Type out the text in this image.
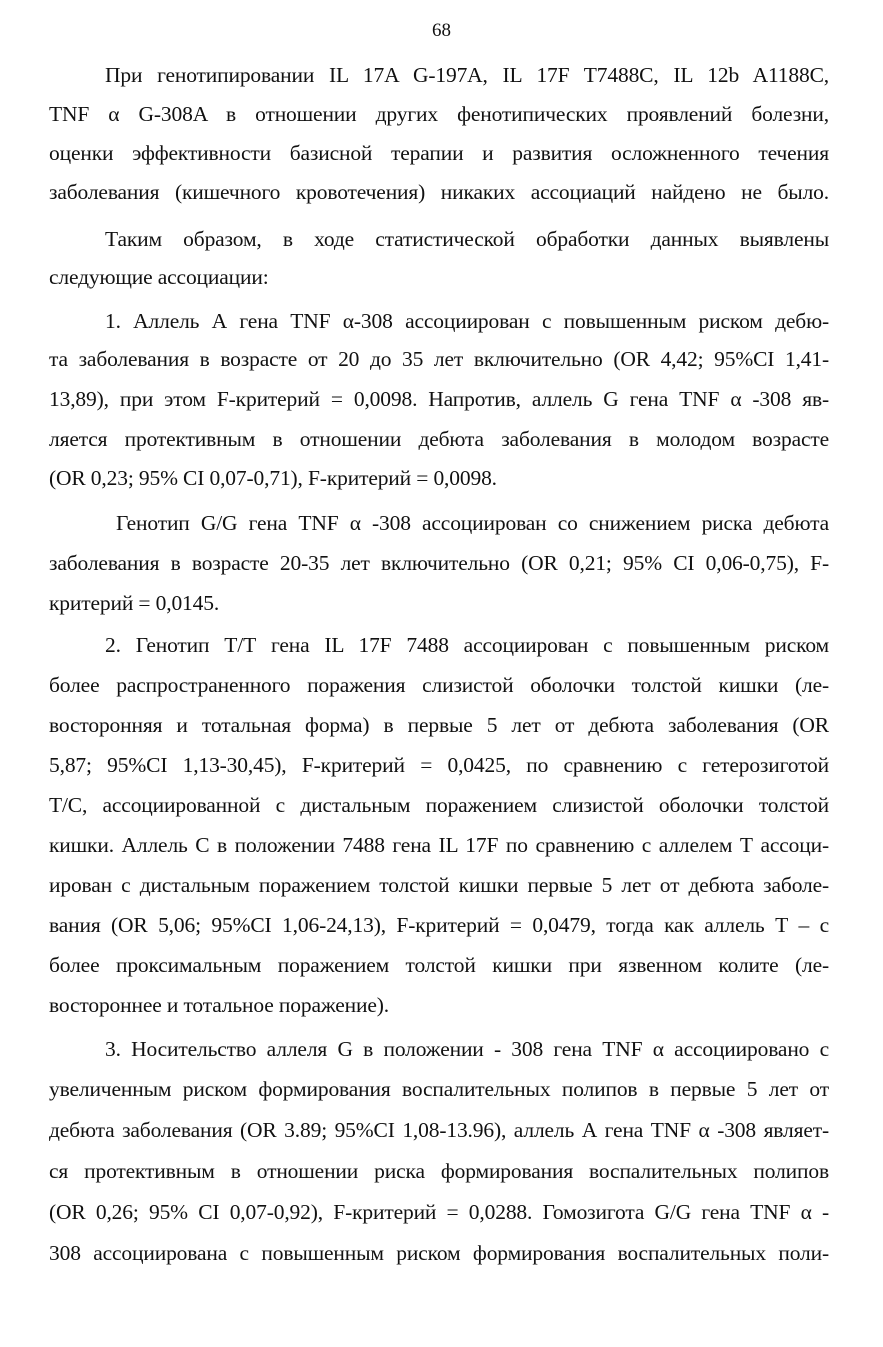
68
При генотипировании IL 17A G-197A, IL 17F T7488C, IL 12b A1188C,
TNF α G-308A в отношении других фенотипических проявлений болезни,
оценки эффективности базисной терапии и развития осложненного течения
заболевания (кишечного кровотечения) никаких ассоциаций найдено не было.
Таким образом, в ходе статистической обработки данных выявлены
следующие ассоциации:
1. Аллель А гена TNF α-308 ассоциирован с повышенным риском дебю-
та заболевания в возрасте от 20 до 35 лет включительно (OR 4,42; 95%CI 1,41-
13,89), при этом F-критерий = 0,0098. Напротив, аллель G гена TNF α -308 яв-
ляется протективным в отношении дебюта заболевания в молодом возрасте
(OR 0,23; 95% CI 0,07-0,71), F-критерий = 0,0098.
Генотип G/G гена TNF α -308 ассоциирован со снижением риска дебюта
заболевания в возрасте 20-35 лет включительно (OR 0,21; 95% CI 0,06-0,75), F-
критерий = 0,0145.
2. Генотип Т/Т гена IL 17F 7488 ассоциирован с повышенным риском
более распространенного поражения слизистой оболочки толстой кишки (ле-
восторонняя и тотальная форма) в первые 5 лет от дебюта заболевания (OR
5,87; 95%CI 1,13-30,45), F-критерий = 0,0425, по сравнению с гетерозиготой
T/C, ассоциированной с дистальным поражением слизистой оболочки толстой
кишки. Аллель С в положении 7488 гена IL 17F по сравнению с аллелем Т ассоци-
ирован с дистальным поражением толстой кишки первые 5 лет от дебюта заболе-
вания (OR 5,06; 95%CI 1,06-24,13), F-критерий = 0,0479, тогда как аллель Т – с
более проксимальным поражением толстой кишки при язвенном колите (ле-
востороннее и тотальное поражение).
3. Носительство аллеля G в положении - 308 гена TNF α ассоциировано с
увеличенным риском формирования воспалительных полипов в первые 5 лет от
дебюта заболевания (OR 3.89; 95%CI 1,08-13.96), аллель А гена TNF α -308 являет-
ся протективным в отношении риска формирования воспалительных полипов
(OR 0,26; 95% CI 0,07-0,92), F-критерий = 0,0288. Гомозигота G/G гена TNF α -
308 ассоциирована с повышенным риском формирования воспалительных поли-
